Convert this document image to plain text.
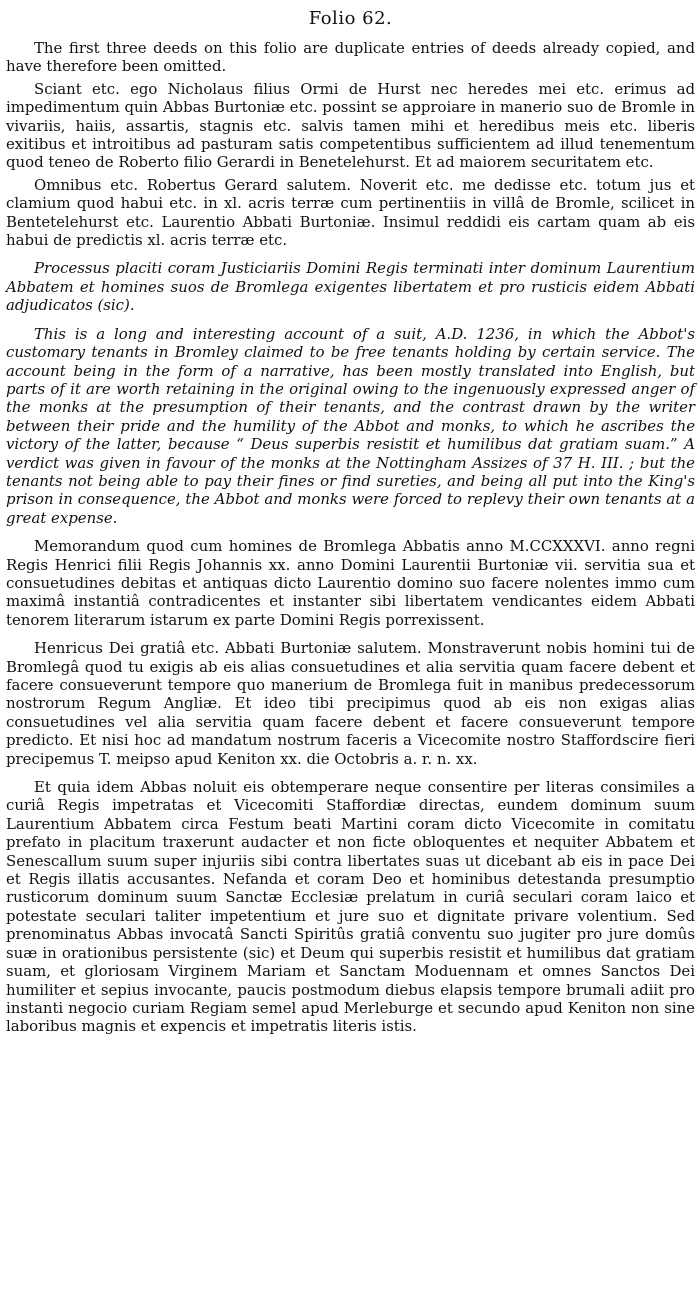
Folio 62.

The first three deeds on this folio are duplicate entries of deeds already copied, and have therefore been omitted.

Sciant etc. ego Nicholaus filius Ormi de Hurst nec heredes mei etc. erimus ad impedimentum quin Abbas Burtoniæ etc. possint se approiare in manerio suo de Bromle in vivariis, haiis, assartis, stagnis etc. salvis tamen mihi et heredibus meis etc. liberis exitibus et introitibus ad pasturam satis competentibus sufficientem ad illud tenementum quod teneo de Roberto filio Gerardi in Benetelehurst. Et ad maiorem securitatem etc.

Omnibus etc. Robertus Gerard salutem. Noverit etc. me dedisse etc. totum jus et clamium quod habui etc. in xl. acris terræ cum pertinentiis in villâ de Bromle, scilicet in Bentetelehurst etc. Laurentio Abbati Burtoniæ. Insimul reddidi eis cartam quam ab eis habui de predictis xl. acris terræ etc.

Processus placiti coram Justiciariis Domini Regis terminati inter dominum Laurentium Abbatem et homines suos de Bromlega exigentes libertatem et pro rusticis eidem Abbati adjudicatos (sic).

This is a long and interesting account of a suit, A.D. 1236, in which the Abbot's customary tenants in Bromley claimed to be free tenants holding by certain service. The account being in the form of a narrative, has been mostly translated into English, but parts of it are worth retaining in the original owing to the ingenuously expressed anger of the monks at the presumption of their tenants, and the contrast drawn by the writer between their pride and the humility of the Abbot and monks, to which he ascribes the victory of the latter, because “ Deus superbis resistit et humilibus dat gratiam suam.” A verdict was given in favour of the monks at the Nottingham Assizes of 37 H. III. ; but the tenants not being able to pay their fines or find sureties, and being all put into the King's prison in consequence, the Abbot and monks were forced to replevy their own tenants at a great expense.

Memorandum quod cum homines de Bromlega Abbatis anno M.CCXXXVI. anno regni Regis Henrici filii Regis Johannis xx. anno Domini Laurentii Burtoniæ vii. servitia sua et consuetudines debitas et antiquas dicto Laurentio domino suo facere nolentes immo cum maximâ instantiâ contradicentes et instanter sibi libertatem vendicantes eidem Abbati tenorem literarum istarum ex parte Domini Regis porrexissent.

Henricus Dei gratiâ etc. Abbati Burtoniæ salutem. Monstraverunt nobis homini tui de Bromlegâ quod tu exigis ab eis alias consuetudines et alia servitia quam facere debent et facere consueverunt tempore quo manerium de Bromlega fuit in manibus predecessorum nostrorum Regum Angliæ. Et ideo tibi precipimus quod ab eis non exigas alias consuetudines vel alia servitia quam facere debent et facere consueverunt tempore predicto. Et nisi hoc ad mandatum nostrum faceris a Vicecomite nostro Staffordscire fieri precipemus T. meipso apud Keniton xx. die Octobris a. r. n. xx.

Et quia idem Abbas noluit eis obtemperare neque consentire per literas consimiles a curiâ Regis impetratas et Vicecomiti Staffordiæ directas, eundem dominum suum Laurentium Abbatem circa Festum beati Martini coram dicto Vicecomite in comitatu prefato in placitum traxerunt audacter et non ficte obloquentes et nequiter Abbatem et Senescallum suum super injuriis sibi contra libertates suas ut dicebant ab eis in pace Dei et Regis illatis accusantes. Nefanda et coram Deo et hominibus detestanda presumptio rusticorum dominum suum Sanctæ Ecclesiæ prelatum in curiâ seculari coram laico et potestate seculari taliter impetentium et jure suo et dignitate privare volentium. Sed prenominatus Abbas invocatâ Sancti Spiritûs gratiâ conventu suo jugiter pro jure domûs suæ in orationibus persistente (sic) et Deum qui superbis resistit et humilibus dat gratiam suam, et gloriosam Virginem Mariam et Sanctam Moduennam et omnes Sanctos Dei humiliter et sepius invocante, paucis postmodum diebus elapsis tempore brumali adiit pro instanti negocio curiam Regiam semel apud Merleburge et secundo apud Keniton non sine laboribus magnis et expencis et impetratis literis istis.
